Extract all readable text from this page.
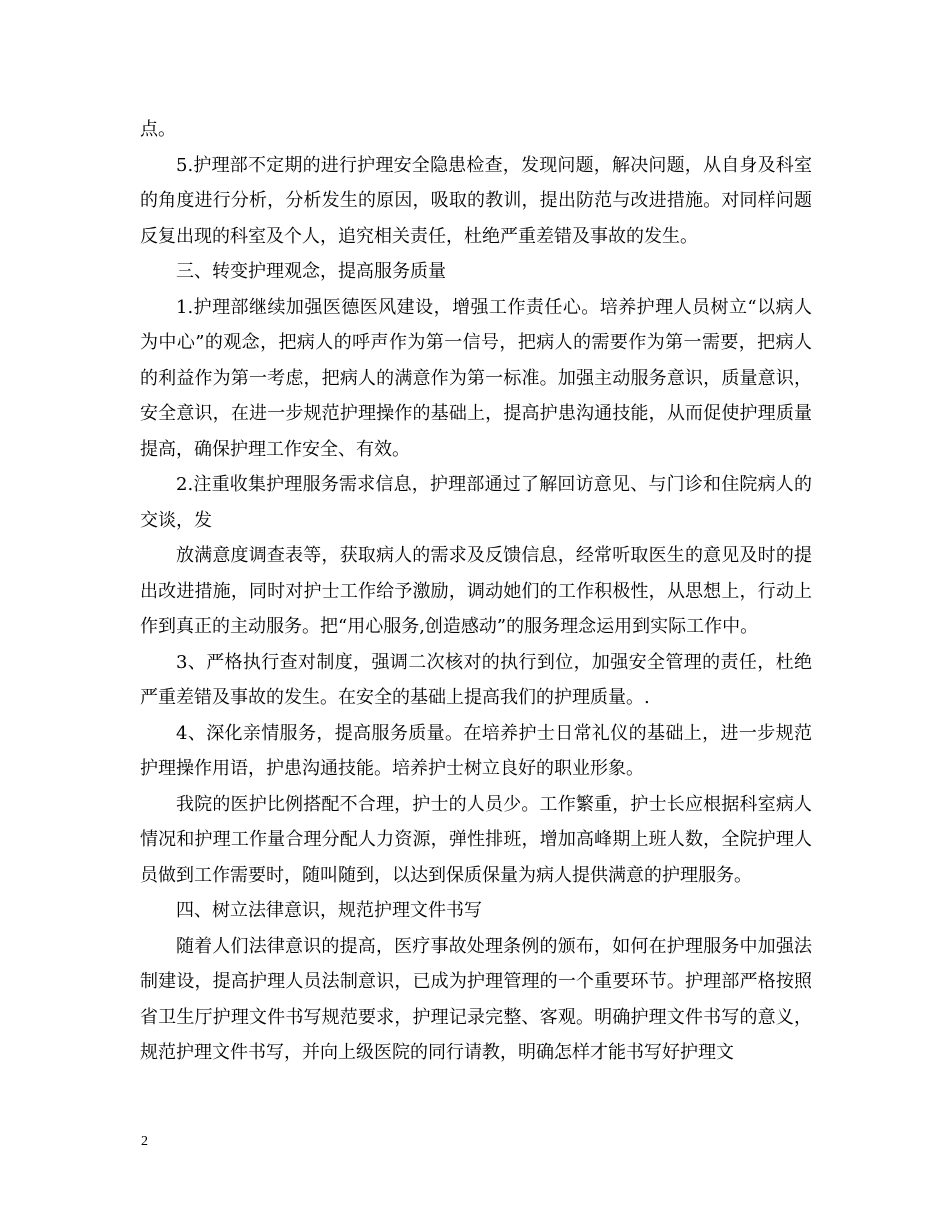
点。

5.护理部不定期的进行护理安全隐患检查，发现问题，解决问题，从自身及科室的角度进行分析，分析发生的原因，吸取的教训，提出防范与改进措施。对同样问题反复出现的科室及个人，追究相关责任，杜绝严重差错及事故的发生。

三、转变护理观念，提高服务质量

1.护理部继续加强医德医风建设，增强工作责任心。培养护理人员树立“以病人为中心”的观念，把病人的呼声作为第一信号，把病人的需要作为第一需要，把病人的利益作为第一考虑，把病人的满意作为第一标准。加强主动服务意识，质量意识，安全意识，在进一步规范护理操作的基础上，提高护患沟通技能，从而促使护理质量提高，确保护理工作安全、有效。

2.注重收集护理服务需求信息，护理部通过了解回访意见、与门诊和住院病人的交谈，发

放满意度调查表等，获取病人的需求及反馈信息，经常听取医生的意见及时的提出改进措施，同时对护士工作给予激励，调动她们的工作积极性，从思想上，行动上作到真正的主动服务。把“用心服务,创造感动”的服务理念运用到实际工作中。

3、严格执行查对制度，强调二次核对的执行到位，加强安全管理的责任，杜绝严重差错及事故的发生。在安全的基础上提高我们的护理质量。.

4、深化亲情服务，提高服务质量。在培养护士日常礼仪的基础上，进一步规范护理操作用语，护患沟通技能。培养护士树立良好的职业形象。

我院的医护比例搭配不合理，护士的人员少。工作繁重，护士长应根据科室病人情况和护理工作量合理分配人力资源，弹性排班，增加高峰期上班人数，全院护理人员做到工作需要时，随叫随到，以达到保质保量为病人提供满意的护理服务。

四、树立法律意识，规范护理文件书写

随着人们法律意识的提高，医疗事故处理条例的颁布，如何在护理服务中加强法制建设，提高护理人员法制意识，已成为护理管理的一个重要环节。护理部严格按照省卫生厅护理文件书写规范要求，护理记录完整、客观。明确护理文件书写的意义，规范护理文件书写，并向上级医院的同行请教，明确怎样才能书写好护理文

2
